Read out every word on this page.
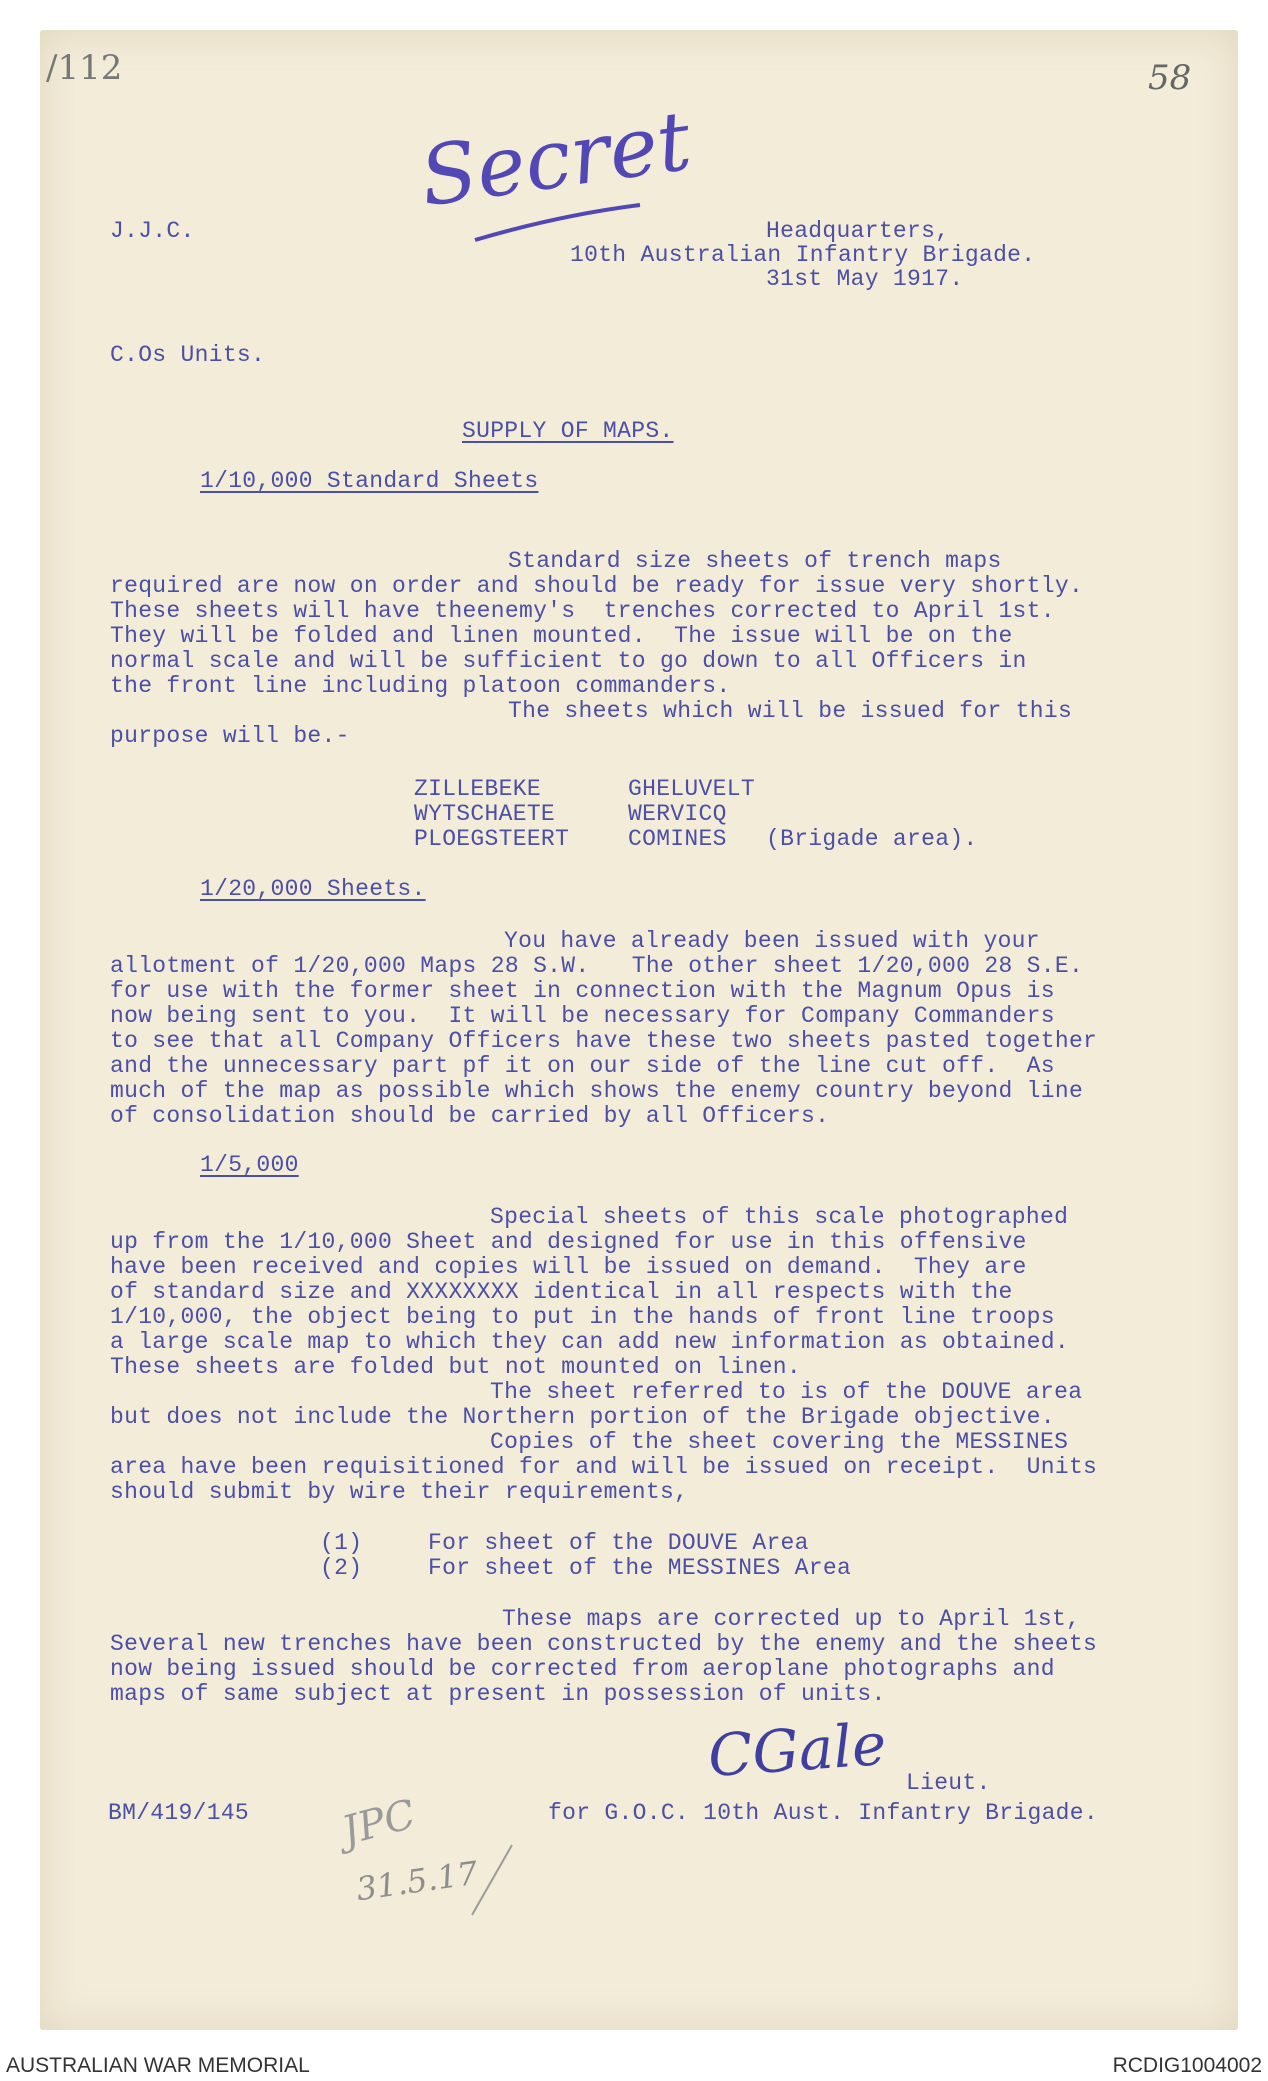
/112	58
Secret
J.J.C.	Headquarters,
10th Australian Infantry Brigade.
31st May 1917.
C.Os Units.
SUPPLY OF MAPS.
1/10,000 Standard Sheets
Standard size sheets of trench maps
required are now on order and should be ready for issue very shortly.
These sheets will have theenemy's  trenches corrected to April 1st.
They will be folded and linen mounted.  The issue will be on the
normal scale and will be sufficient to go down to all Officers in
the front line including platoon commanders.
The sheets which will be issued for this
purpose will be.-
ZILLEBEKE	GHELUVELT
WYTSCHAETE	WERVICQ
PLOEGSTEERT	COMINES (Brigade area).
1/20,000 Sheets.
You have already been issued with your
allotment of 1/20,000 Maps 28 S.W.   The other sheet 1/20,000 28 S.E.
for use with the former sheet in connection with the Magnum Opus is
now being sent to you.  It will be necessary for Company Commanders
to see that all Company Officers have these two sheets pasted together
and the unnecessary part pf it on our side of the line cut off.  As
much of the map as possible which shows the enemy country beyond line
of consolidation should be carried by all Officers.
1/5,000
Special sheets of this scale photographed
up from the 1/10,000 Sheet and designed for use in this offensive
have been received and copies will be issued on demand.  They are
of standard size and XXXXXXXX identical in all respects with the
1/10,000, the object being to put in the hands of front line troops
a large scale map to which they can add new information as obtained.
These sheets are folded but not mounted on linen.
The sheet referred to is of the DOUVE area
but does not include the Northern portion of the Brigade objective.
Copies of the sheet covering the MESSINES
area have been requisitioned for and will be issued on receipt.  Units
should submit by wire their requirements,
(1)	For sheet of the DOUVE Area
(2)	For sheet of the MESSINES Area
These maps are corrected up to April 1st,
Several new trenches have been constructed by the enemy and the sheets
now being issued should be corrected from aeroplane photographs and
maps of same subject at present in possession of units.
CGale Lieut.
for G.O.C. 10th Aust. Infantry Brigade.
BM/419/145 JPC
31.5.17
AUSTRALIAN WAR MEMORIAL	RCDIG1004002
